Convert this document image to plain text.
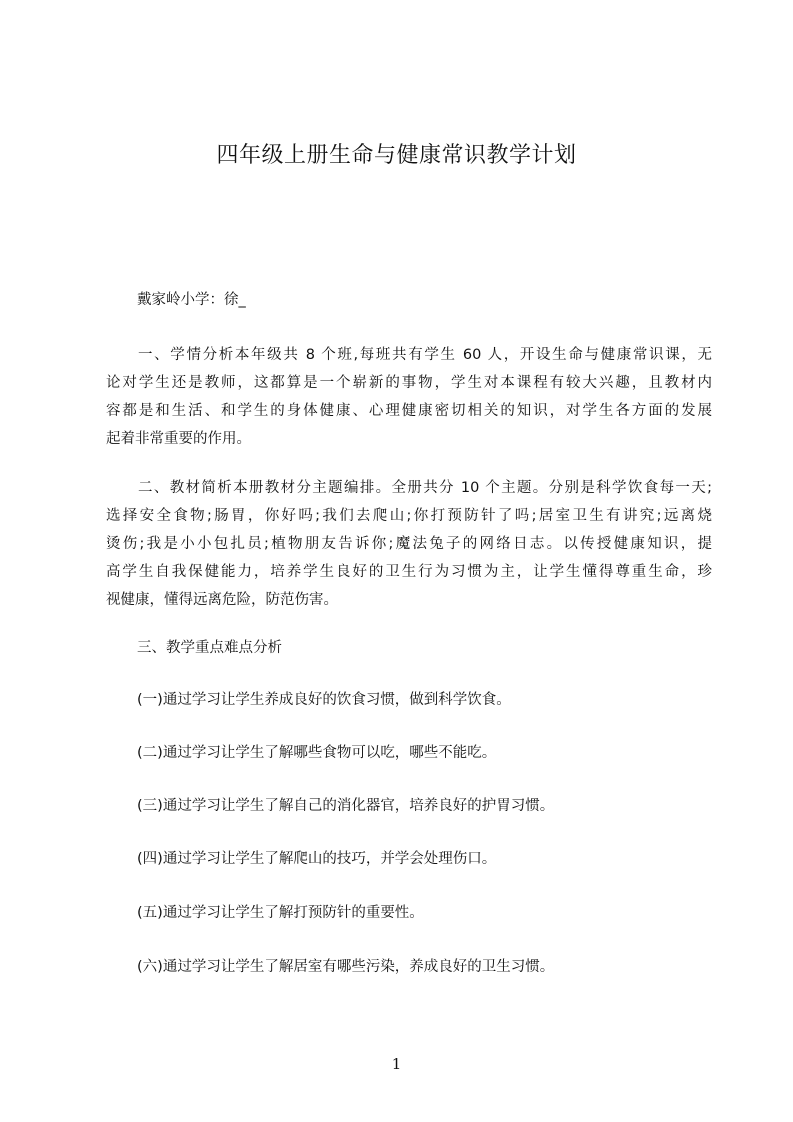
四年级上册生命与健康常识教学计划
戴家岭小学：徐_
一、学情分析本年级共 8 个班,每班共有学生 60 人，开设生命与健康常识课，无
论对学生还是教师，这都算是一个崭新的事物，学生对本课程有较大兴趣，且教材内
容都是和生活、和学生的身体健康、心理健康密切相关的知识，对学生各方面的发展
起着非常重要的作用。
二、教材简析本册教材分主题编排。全册共分 10 个主题。分别是科学饮食每一天;
选择安全食物;肠胃，你好吗;我们去爬山;你打预防针了吗;居室卫生有讲究;远离烧
烫伤;我是小小包扎员;植物朋友告诉你;魔法兔子的网络日志。以传授健康知识，提
高学生自我保健能力，培养学生良好的卫生行为习惯为主，让学生懂得尊重生命，珍
视健康，懂得远离危险，防范伤害。
三、教学重点难点分析
(一)通过学习让学生养成良好的饮食习惯，做到科学饮食。
(二)通过学习让学生了解哪些食物可以吃，哪些不能吃。
(三)通过学习让学生了解自己的消化器官，培养良好的护胃习惯。
(四)通过学习让学生了解爬山的技巧，并学会处理伤口。
(五)通过学习让学生了解打预防针的重要性。
(六)通过学习让学生了解居室有哪些污染，养成良好的卫生习惯。
1
